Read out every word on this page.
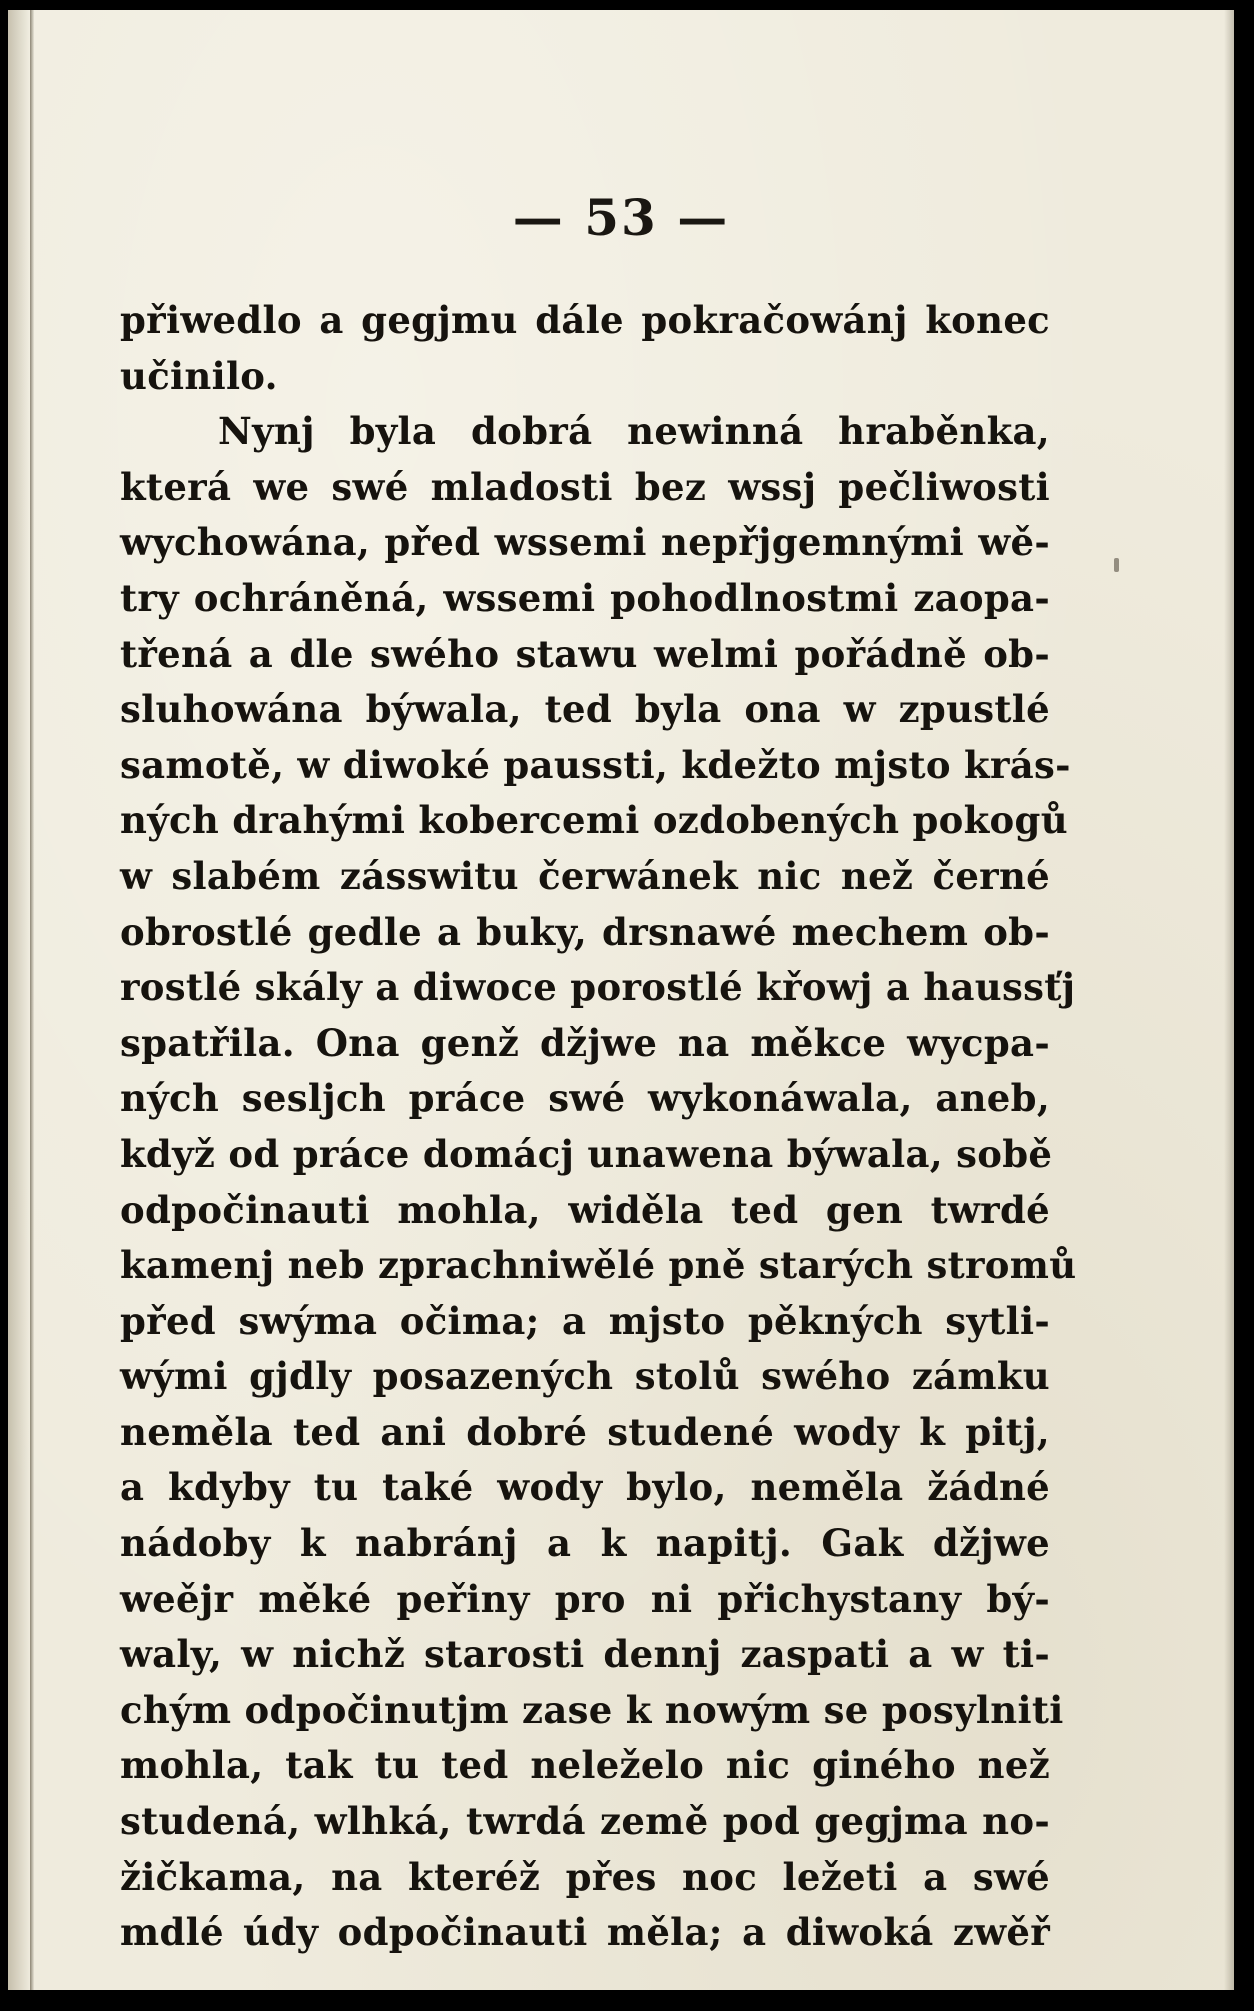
— 53 —
přiwedlo a gegjmu dále pokračowánj konec
učinilo.
Nynj byla dobrá newinná hraběnka,
která we swé mladosti bez wssj pečliwosti
wychowána, před wssemi nepřjgemnými wě-
try ochráněná, wssemi pohodlnostmi zaopa-
třená a dle swého stawu welmi pořádně ob-
sluhowána býwala, ted byla ona w zpustlé
samotě, w diwoké paussti, kdežto mjsto krás-
ných drahými kobercemi ozdobených pokogů
w slabém zásswitu čerwánek nic než černé
obrostlé gedle a buky, drsnawé mechem ob-
rostlé skály a diwoce porostlé křowj a haussťj
spatřila. Ona genž džjwe na měkce wycpa-
ných sesljch práce swé wykonáwala, aneb,
když od práce domácj unawena býwala, sobě
odpočinauti mohla, widěla ted gen twrdé
kamenj neb zprachniwělé pně starých stromů
před swýma očima; a mjsto pěkných sytli-
wými gjdly posazených stolů swého zámku
neměla ted ani dobré studené wody k pitj,
a kdyby tu také wody bylo, neměla žádné
nádoby k nabránj a k napitj. Gak džjwe
weějr měké peřiny pro ni přichystany bý-
waly, w nichž starosti dennj zaspati a w ti-
chým odpočinutjm zase k nowým se posylniti
mohla, tak tu ted neleželo nic giného než
studená, wlhká, twrdá země pod gegjma no-
žičkama, na kteréž přes noc ležeti a swé
mdlé údy odpočinauti měla; a diwoká zwěř
